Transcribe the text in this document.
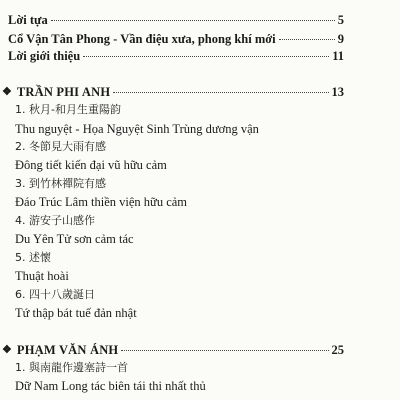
Lời tựa	5
Cổ Vận Tân Phong - Vần điệu xưa, phong khí mới	9
Lời giới thiệu	11
❖ TRẦN PHI ANH	13
1. 秋月-和月生重陽韵
Thu nguyệt - Họa Nguyệt Sinh Trùng dương vận
2. 冬節見大雨有感
Đông tiết kiến đại vũ hữu cảm
3. 到竹林禪院有感
Đáo Trúc Lâm thiền viện hữu cảm
4. 游安子山感作
Du Yên Tử sơn cảm tác
5. 述懷
Thuật hoài
6. 四十八歲誕日
Tứ thập bát tuế đản nhật
❖ PHẠM VĂN ÁNH	25
1. 與南龍作邊塞詩一首
Dữ Nam Long tác biên tái thi nhất thủ
